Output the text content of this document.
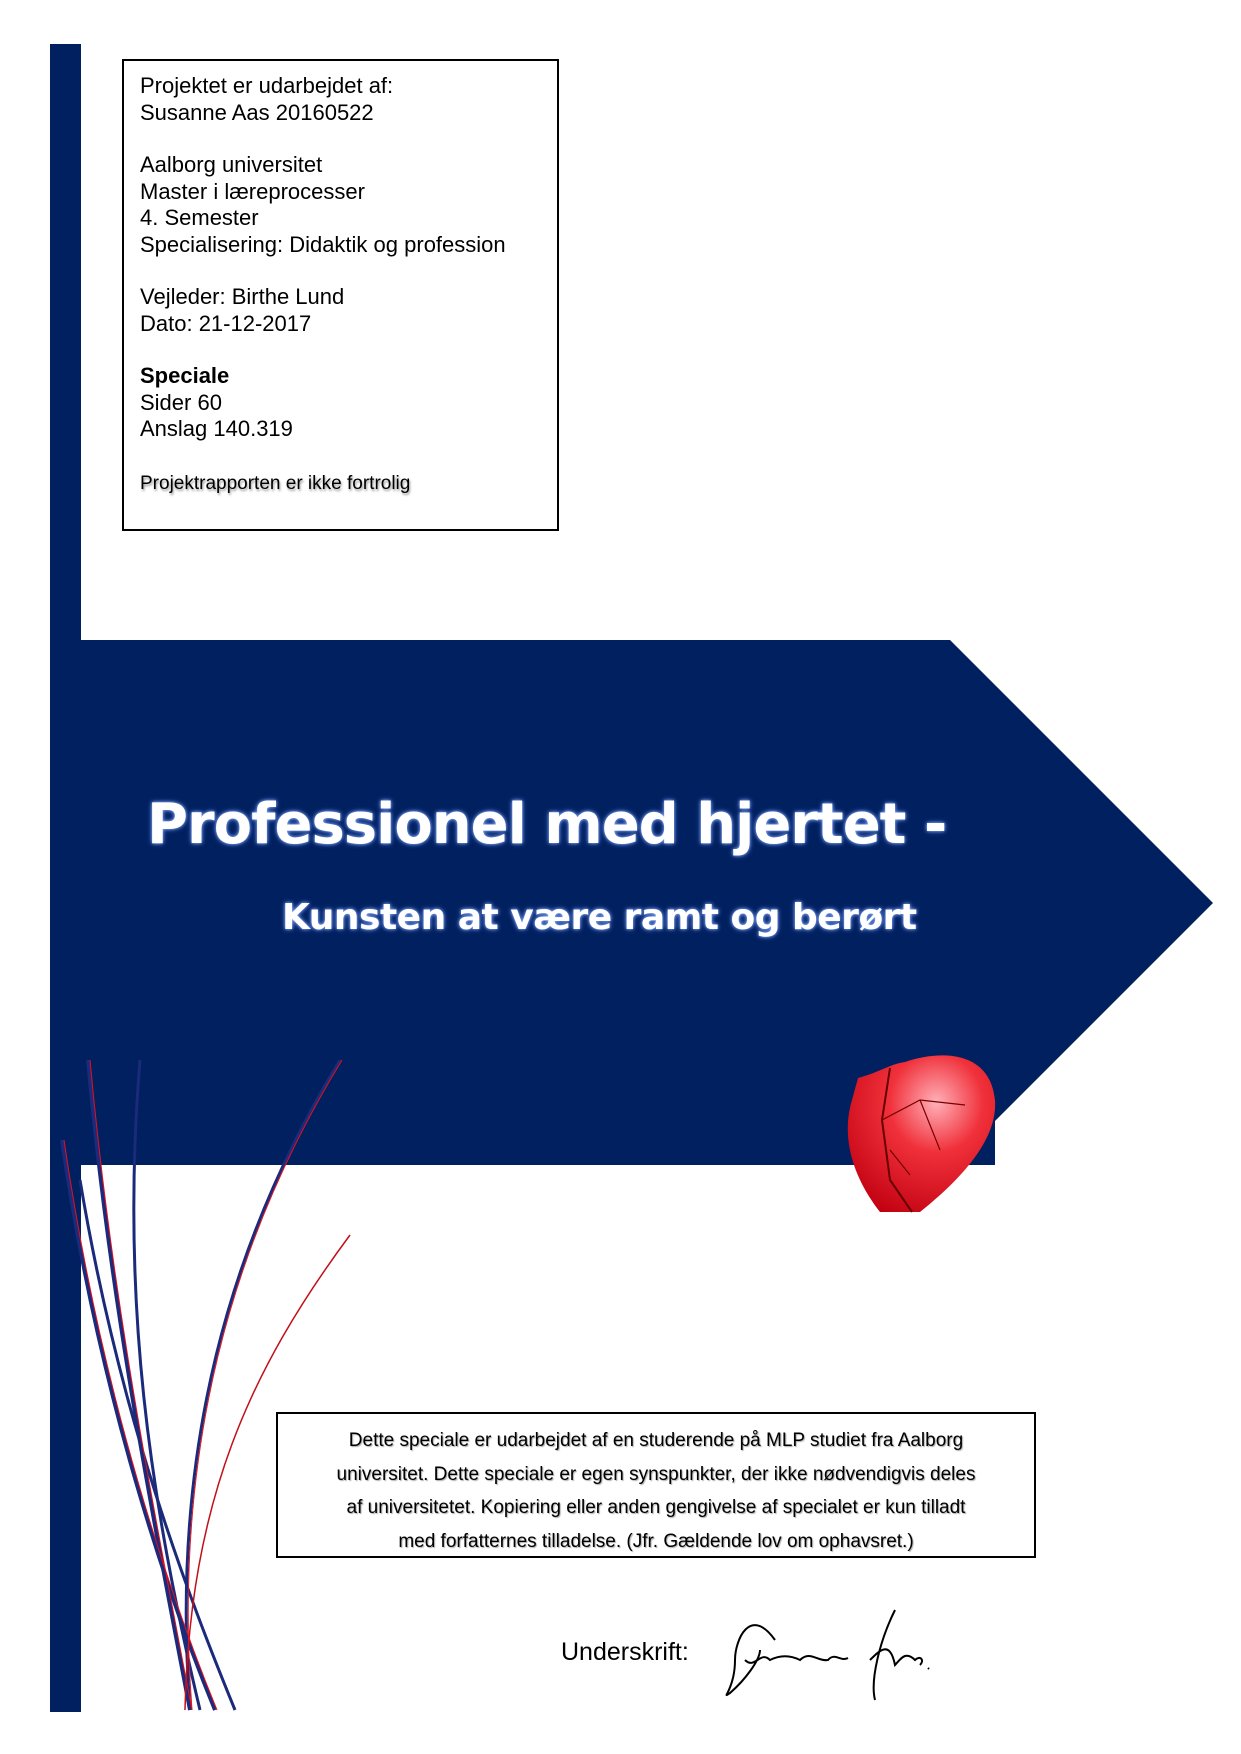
Projektet er udarbejdet af:
Susanne Aas 20160522
Aalborg universitet
Master i læreprocesser
4. Semester
Specialisering: Didaktik og profession
Vejleder: Birthe Lund
Dato: 21-12-2017
Speciale
Sider 60
Anslag 140.319
Projektrapporten er ikke fortrolig
Professionel med hjertet -
Kunsten at være ramt og berørt
Dette speciale er udarbejdet af en studerende på MLP studiet fra Aalborg
universitet. Dette speciale er egen synspunkter, der ikke nødvendigvis deles
af universitetet. Kopiering eller anden gengivelse af specialet er kun tilladt
med forfatternes tilladelse. (Jfr. Gældende lov om ophavsret.)
Underskrift:
